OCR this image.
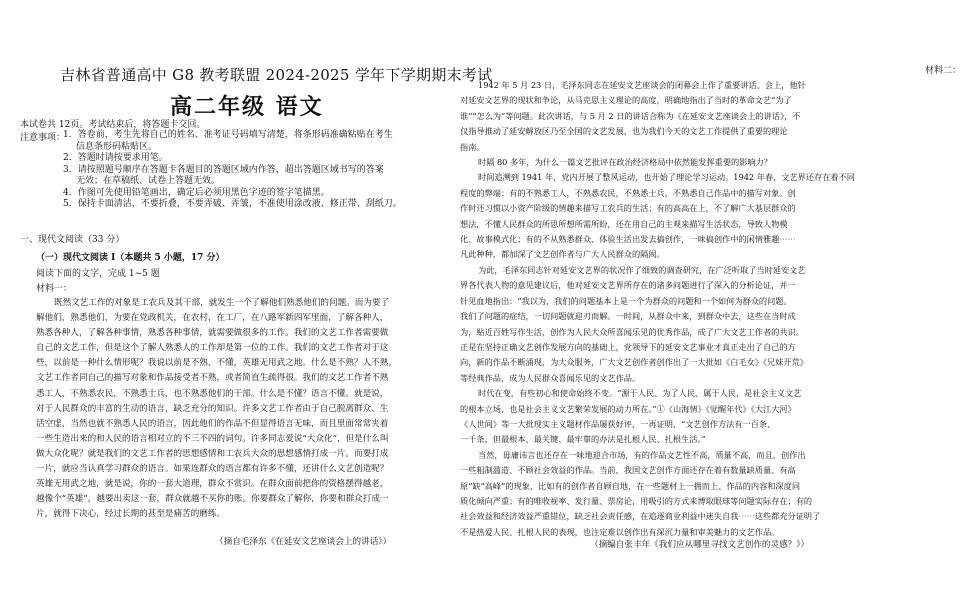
吉林省普通高中 G8 教考联盟 2024-2025 学年下学期期末考试
高二年级 语文
本试卷共 12页。考试结束后，将答题卡交回。
注意事项：
1．答卷前，考生先将自己的姓名、准考证号码填写清楚，将条形码准确粘贴在考生
信息条形码粘贴区。
2．答题时请按要求用笔。
3．请按照题号顺序在答题卡各题目的答题区域内作答，超出答题区域书写的答案
无效；在草稿纸、试卷上答题无效。
4．作图可先使用铅笔画出，确定后必须用黑色字迹的签字笔描黑。
5．保持卡面清洁，不要折叠，不要弄破、弄皱，不准使用涂改液、修正带、刮纸刀。
一、现代文阅读（33 分）
（一）现代文阅读 I（本题共 5 小题，17 分）
阅读下面的文字，完成 1~5 题
材料一：
既然文艺工作的对象是工农兵及其干部，就发生一个了解他们熟悉他们的问题。而为要了
解他们，熟悉他们，为要在党政机关，在农村，在工厂，在八路军新四军里面，了解各种人，
熟悉各种人，了解各种事情，熟悉各种事情，就需要做很多的工作。我们的文艺工作者需要做
自己的文艺工作，但是这个了解人熟悉人的工作却是第一位的工作。我们的文艺工作者对于这
些，以前是一种什么情形呢？我说以前是不熟，不懂，英雄无用武之地。什么是不熟？人不熟。
文艺工作者同自己的描写对象和作品接受者不熟，或者简直生疏得很。我们的文艺工作者不熟
悉工人，不熟悉农民，不熟悉士兵，也不熟悉他们的干部。什么是不懂？语言不懂。就是说，
对于人民群众的丰富的生动的语言，缺乏充分的知识。许多文艺工作者由于自己脱离群众、生
活空虚，当然也就不熟悉人民的语言，因此他们的作品不但显得语言无味，而且里面常常夹着
一些生造出来的和人民的语言相对立的不三不四的词句。许多同志爱说“大众化”，但是什么叫
做大众化呢？就是我们的文艺工作者的思想感情和工农兵大众的思想感情打成一片。而要打成
一片，就应当认真学习群众的语言。如果连群众的语言都有许多不懂，还讲什么文艺创造呢？
英雄无用武之地，就是说，你的一套大道理，群众不赏识。在群众面前把你的资格摆得越老，
越像个“英雄”，越要出卖这一套，群众就越不买你的账。你要群众了解你，你要和群众打成一
片，就得下决心，经过长期的甚至是痛苦的磨练。
（摘自毛泽东《在延安文艺座谈会上的讲话》）
材料二：
1942 年 5 月 23 日，毛泽东同志在延安文艺座谈会的闭幕会上作了重要讲话。会上，他针
对延安文艺界的现状和争论，从马克思主义理论的高度，明确地指出了当时的革命文艺“为了
谁”“怎么为”等问题。此次讲话，与 5 月 2 日的讲话合称为《在延安文艺座谈会上的讲话》，不
仅指导推动了延安解放区乃至全国的文艺发展，也为我们今天的文艺工作提供了重要的理论
指南。
时隔 80 多年，为什么一篇文艺批评在政治经济格局中依然能发挥重要的影响力？
时间追溯到 1941 年，党内开展了整风运动，也开始了理论学习运动。1942 年春，文艺界还存在着不同
程度的弊端：有的不熟悉工人，不熟悉农民，不熟悉士兵，不熟悉自己作品中的描写对象。创
作时还习惯以小资产阶级的情趣来描写工农兵的生活；有的高高在上，不了解广大基层群众的
想法，不懂人民群众的所思所想所需所盼，还在用自己的主观来描写生活状态，导致人物模
化、故事模式化；有的不从熟悉群众、体验生活出发去搞创作，一味搞创作中的闲情雅趣⋯⋯
凡此种种，都加深了文艺创作者与广大人民群众的隔阂。
为此，毛泽东同志针对延安文艺界的状况作了细致的调查研究，在广泛听取了当时延安文艺
界各代表人物的意见建议后，他对延安文艺界所存在的诸多问题进行了深入的分析论证，并一
针见血地指出：“我以为，我们的问题基本上是一个为群众的问题和一个如何为群众的问题。
我们了问题的症结，一切问题就迎刃而解。一时间，从群众中来，到群众中去，这些在当时成
为，贴近百姓写作生活，创作为人民大众所喜闻乐见的优秀作品，成了广大文艺工作者的共识。
正是在坚持正确文艺创作发展方向的基础上，党领导下的延安文艺事业才真正走出了自己的方
向，新的作品不断涌现，为大众服务，广大文艺创作者创作出了一大批如《白毛女》《兄妹开荒》
等经典作品，成为人民群众喜闻乐见的文艺作品。
时代在变，有些初心和使命始终不变。“源于人民、为了人民、属于人民，是社会主义文艺
的根本立场，也是社会主义文艺繁荣发展的动力所在。”①《山海情》《觉醒年代》《大江大河》
《人世间》等一大批现实主义题材作品屡获好评，一再证明，“文艺创作方法有一百条、
一千条，但最根本、最关键、最牢靠的办法是扎根人民、扎根生活。”
当然，毋庸讳言也还存在一味地迎合市场，有的作品文艺性不高，质量不高，而且，创作出
一些粗制滥造、不顾社会效益的作品。当前，我国文艺创作方面还存在着有数量缺质量、有高
原”缺“高峰”的现象，比如有的创作者自顾自地，在一些题材上一拥而上、作品的内容和深度同
质化倾向严重；有的唯收视率、发行量、票房论，用吸引的方式来博取眼球等问题实际存在；有的
社会效益和经济效益严重错位，缺乏社会责任感，在追逐商业利益中迷失自我⋯⋯这些都充分证明了
不是热爱人民、扎根人民的表现，也注定难以创作出有深沉力量和审美魅力的文艺作品。
（摘编自张丰年《我们应从哪里寻找文艺创作的灵感？》）
